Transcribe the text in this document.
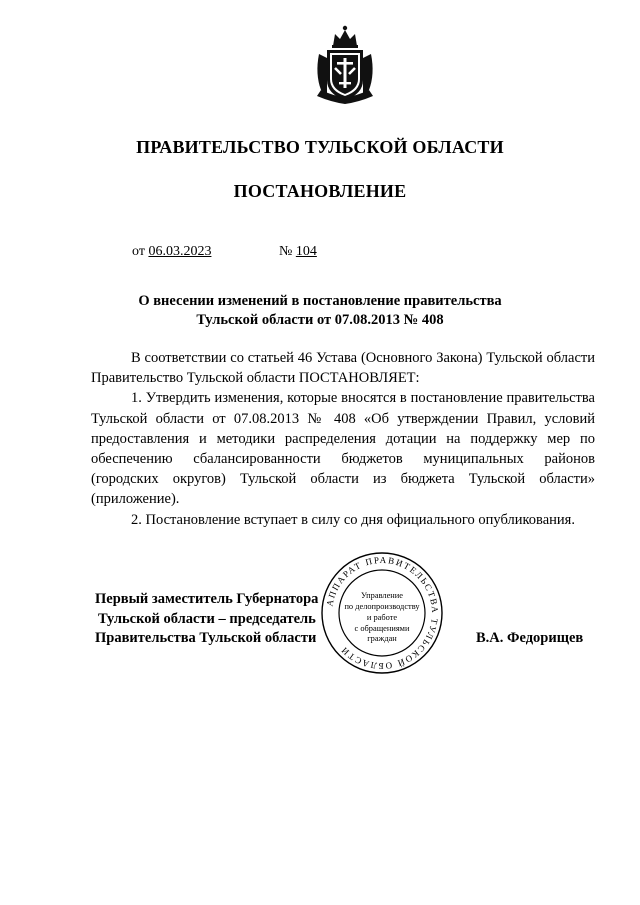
ПРАВИТЕЛЬСТВО ТУЛЬСКОЙ ОБЛАСТИ
ПОСТАНОВЛЕНИЕ
от 06.03.2023	№ 104
О внесении изменений в постановление правительства
Тульской области от 07.08.2013 № 408

В соответствии со статьей 46 Устава (Основного Закона) Тульской области Правительство Тульской области ПОСТАНОВЛЯЕТ:

1. Утвердить изменения, которые вносятся в постановление правительства Тульской области от 07.08.2013 № 408 «Об утверждении Правил, условий предоставления и методики распределения дотации на поддержку мер по обеспечению сбалансированности бюджетов муниципальных районов (городских округов) Тульской области из бюджета Тульской области» (приложение).

2. Постановление вступает в силу со дня официального опубликования.

Первый заместитель Губернатора
Тульской области – председатель
Правительства Тульской области
АППАРАТ ПРАВИТЕЛЬСТВА ТУЛЬСКОЙ ОБЛАСТИ
Управление
по делопроизводству
и работе
с обращениями
граждан	В.А. Федорищев
